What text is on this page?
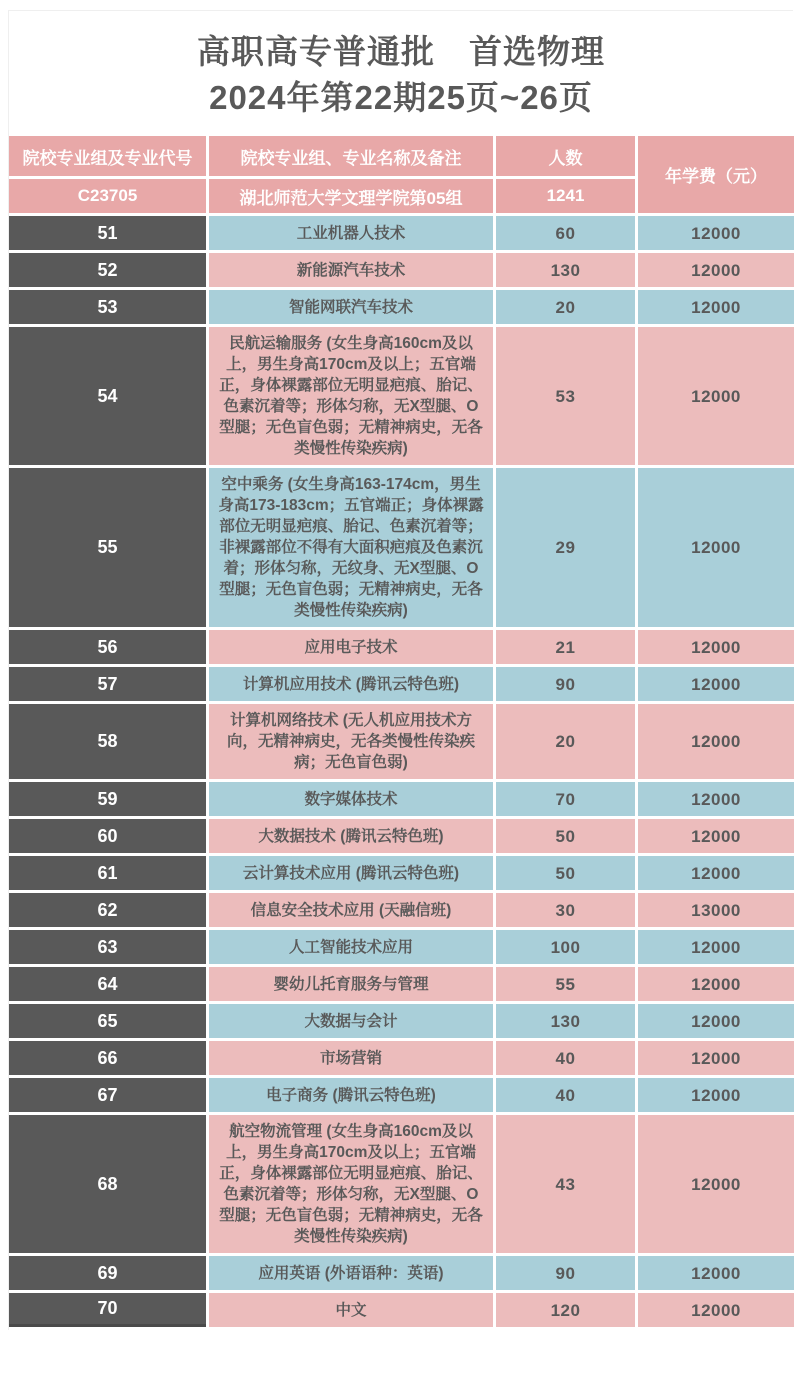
高职高专普通批　首选物理
2024年第22期25页~26页
院校专业组及专业代号	院校专业组、专业名称及备注	人数	年学费（元）
C23705	湖北师范大学文理学院第05组	1241	
51	工业机器人技术	60	12000
52	新能源汽车技术	130	12000
53	智能网联汽车技术	20	12000
54	民航运输服务 (女生身高160cm及以上，男生身高170cm及以上；五官端正，身体裸露部位无明显疤痕、胎记、色素沉着等；形体匀称，无X型腿、O型腿；无色盲色弱；无精神病史，无各类慢性传染疾病)	53	12000
55	空中乘务 (女生身高163-174cm，男生身高173-183cm；五官端正；身体裸露部位无明显疤痕、胎记、色素沉着等；非裸露部位不得有大面积疤痕及色素沉着；形体匀称，无纹身、无X型腿、O型腿；无色盲色弱；无精神病史，无各类慢性传染疾病)	29	12000
56	应用电子技术	21	12000
57	计算机应用技术 (腾讯云特色班)	90	12000
58	计算机网络技术 (无人机应用技术方向，无精神病史，无各类慢性传染疾病；无色盲色弱)	20	12000
59	数字媒体技术	70	12000
60	大数据技术 (腾讯云特色班)	50	12000
61	云计算技术应用 (腾讯云特色班)	50	12000
62	信息安全技术应用 (天融信班)	30	13000
63	人工智能技术应用	100	12000
64	婴幼儿托育服务与管理	55	12000
65	大数据与会计	130	12000
66	市场营销	40	12000
67	电子商务 (腾讯云特色班)	40	12000
68	航空物流管理 (女生身高160cm及以上，男生身高170cm及以上；五官端正，身体裸露部位无明显疤痕、胎记、色素沉着等；形体匀称，无X型腿、O型腿；无色盲色弱；无精神病史，无各类慢性传染疾病)	43	12000
69	应用英语 (外语语种：英语)	90	12000
70	中文	120	12000
